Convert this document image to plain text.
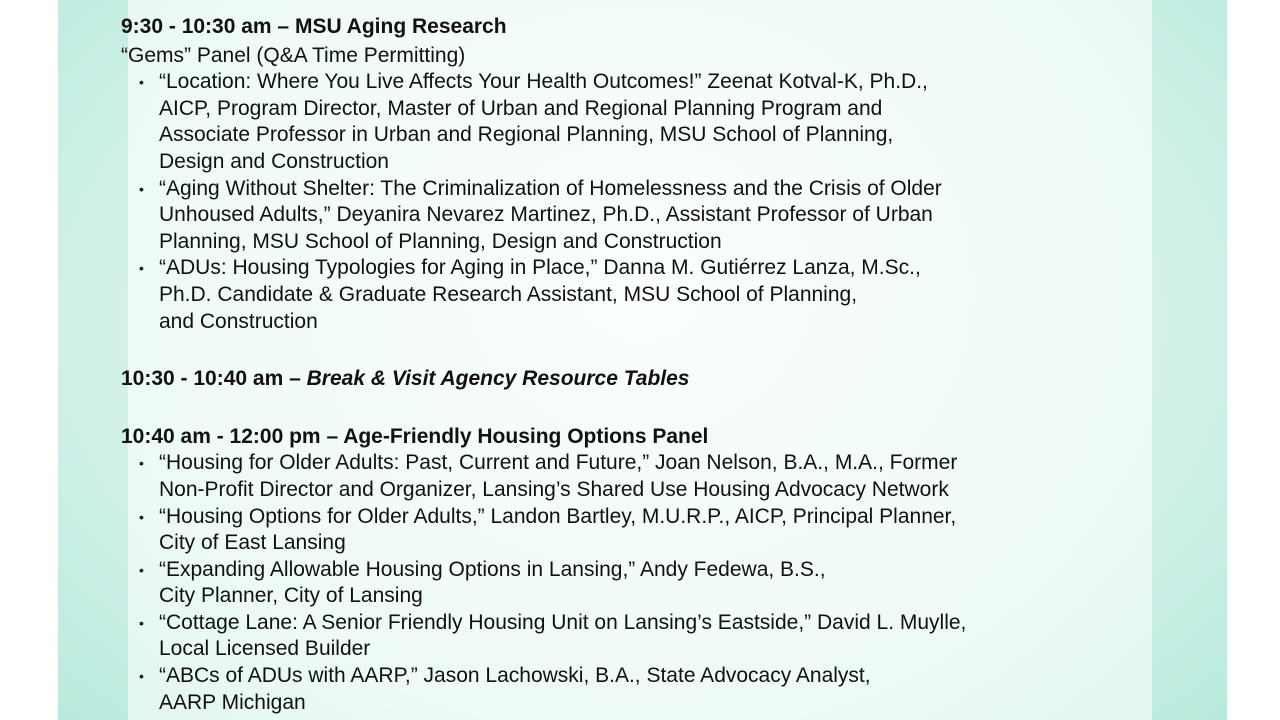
9:30 - 10:30 am – MSU Aging Research

“Gems” Panel (Q&A Time Permitting)

• “Location: Where You Live Affects Your Health Outcomes!” Zeenat Kotval-K, Ph.D.,
AICP, Program Director, Master of Urban and Regional Planning Program and
Associate Professor in Urban and Regional Planning, MSU School of Planning,
Design and Construction
• “Aging Without Shelter: The Criminalization of Homelessness and the Crisis of Older
Unhoused Adults,” Deyanira Nevarez Martinez, Ph.D., Assistant Professor of Urban
Planning, MSU School of Planning, Design and Construction
• “ADUs: Housing Typologies for Aging in Place,” Danna M. Gutiérrez Lanza, M.Sc.,
Ph.D. Candidate & Graduate Research Assistant, MSU School of Planning,
and Construction

10:30 - 10:40 am – Break & Visit Agency Resource Tables

10:40 am - 12:00 pm – Age-Friendly Housing Options Panel

• “Housing for Older Adults: Past, Current and Future,” Joan Nelson, B.A., M.A., Former
Non-Profit Director and Organizer, Lansing’s Shared Use Housing Advocacy Network
• “Housing Options for Older Adults,” Landon Bartley, M.U.R.P., AICP, Principal Planner,
City of East Lansing
• “Expanding Allowable Housing Options in Lansing,” Andy Fedewa, B.S.,
City Planner, City of Lansing
• “Cottage Lane: A Senior Friendly Housing Unit on Lansing’s Eastside,” David L. Muylle,
Local Licensed Builder
• “ABCs of ADUs with AARP,” Jason Lachowski, B.A., State Advocacy Analyst,
AARP Michigan
